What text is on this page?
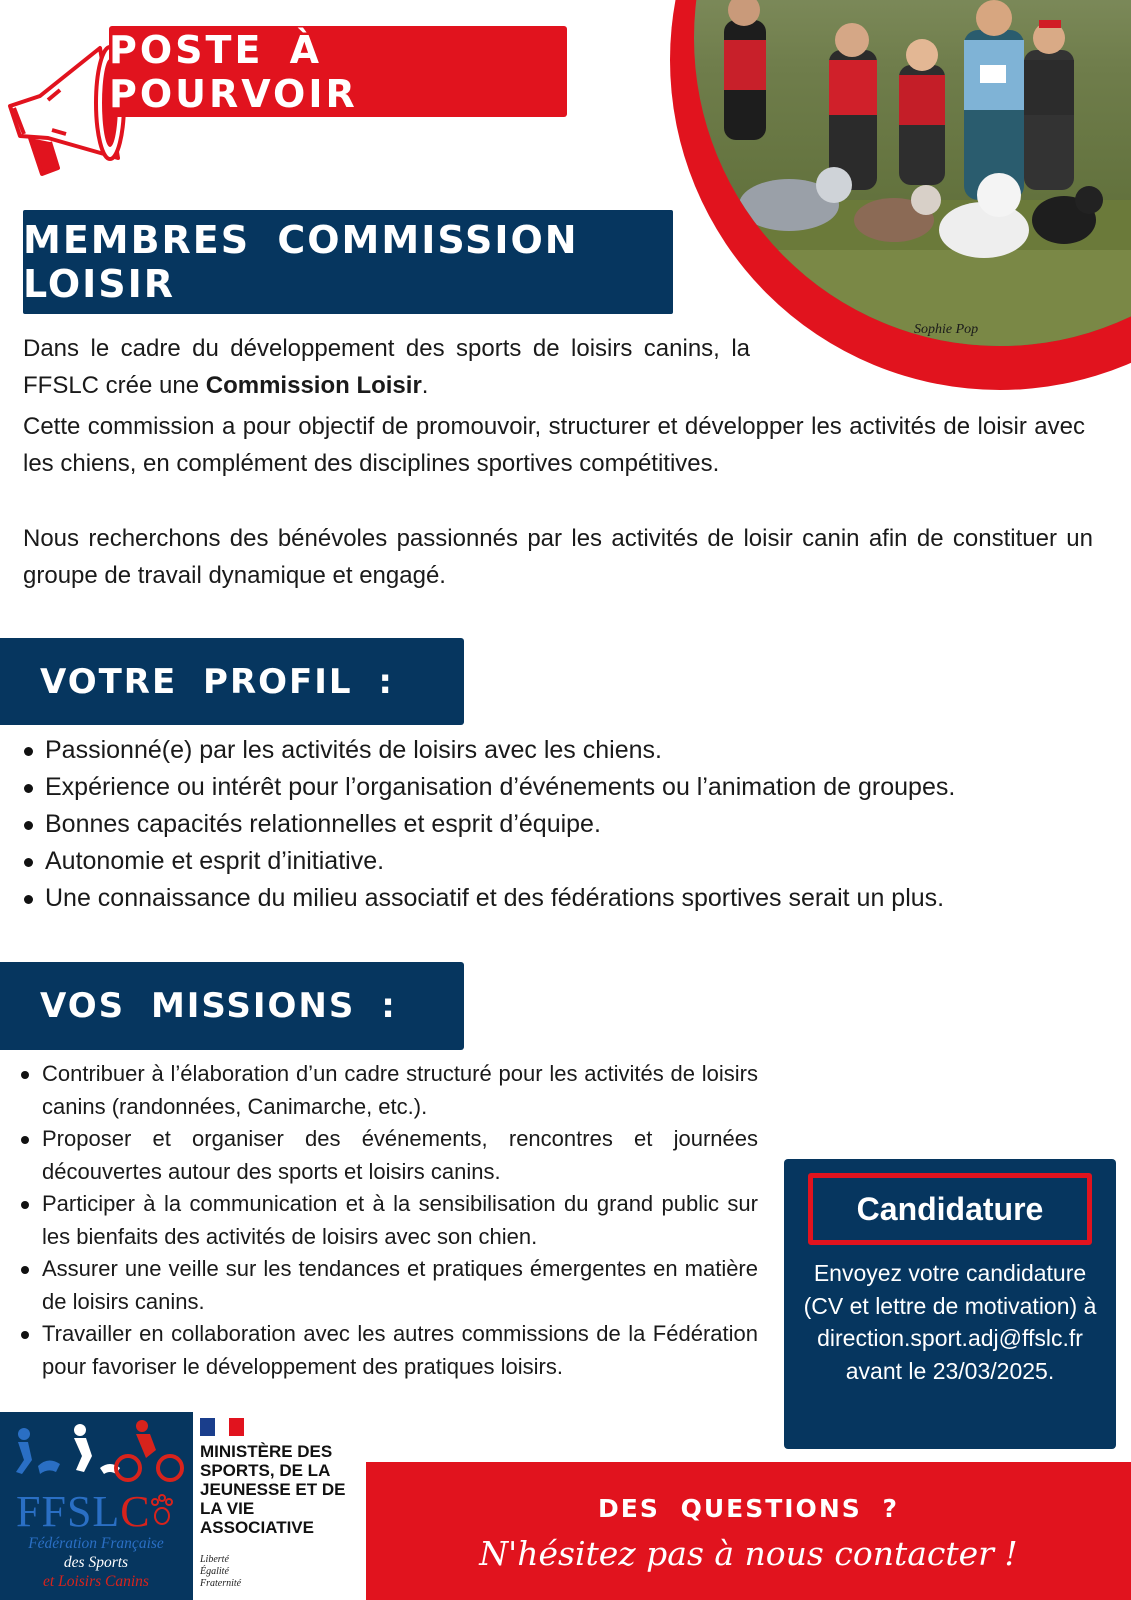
POSTE À POURVOIR
Sophie Pop
MEMBRES COMMISSION LOISIR

Dans le cadre du développement des sports de loisirs canins, la FFSLC crée une Commission Loisir.

Cette commission a pour objectif de promouvoir, structurer et développer les activités de loisir avec les chiens, en complément des disciplines sportives compétitives.

Nous recherchons des bénévoles passionnés par les activités de loisir canin afin de constituer un groupe de travail dynamique et engagé.

VOTRE PROFIL :
Passionné(e) par les activités de loisirs avec les chiens.
Expérience ou intérêt pour l’organisation d’événements ou l’animation de groupes.
Bonnes capacités relationnelles et esprit d’équipe.
Autonomie et esprit d’initiative.
Une connaissance du milieu associatif et des fédérations sportives serait un plus.
VOS MISSIONS :
Contribuer à l’élaboration d’un cadre structuré pour les activités de loisirs canins (randonnées, Canimarche, etc.).
Proposer et organiser des événements, rencontres et journées découvertes autour des sports et loisirs canins.
Participer à la communication et à la sensibilisation du grand public sur les bienfaits des activités de loisirs avec son chien.
Assurer une veille sur les tendances et pratiques émergentes en matière de loisirs canins.
Travailler en collaboration avec les autres commissions de la Fédération pour favoriser le développement des pratiques loisirs.
Candidature
Envoyez votre candidature (CV et lettre de motivation) à direction.sport.adj@ffslc.fr avant le 23/03/2025.
FFSLC
Fédération Française
des Sports
et Loisirs Canins
MINISTÈRE DES SPORTS, DE LA JEUNESSE ET DE LA VIE ASSOCIATIVE
Liberté
Égalité
Fraternité
DES QUESTIONS ?
N'hésitez pas à nous contacter !
